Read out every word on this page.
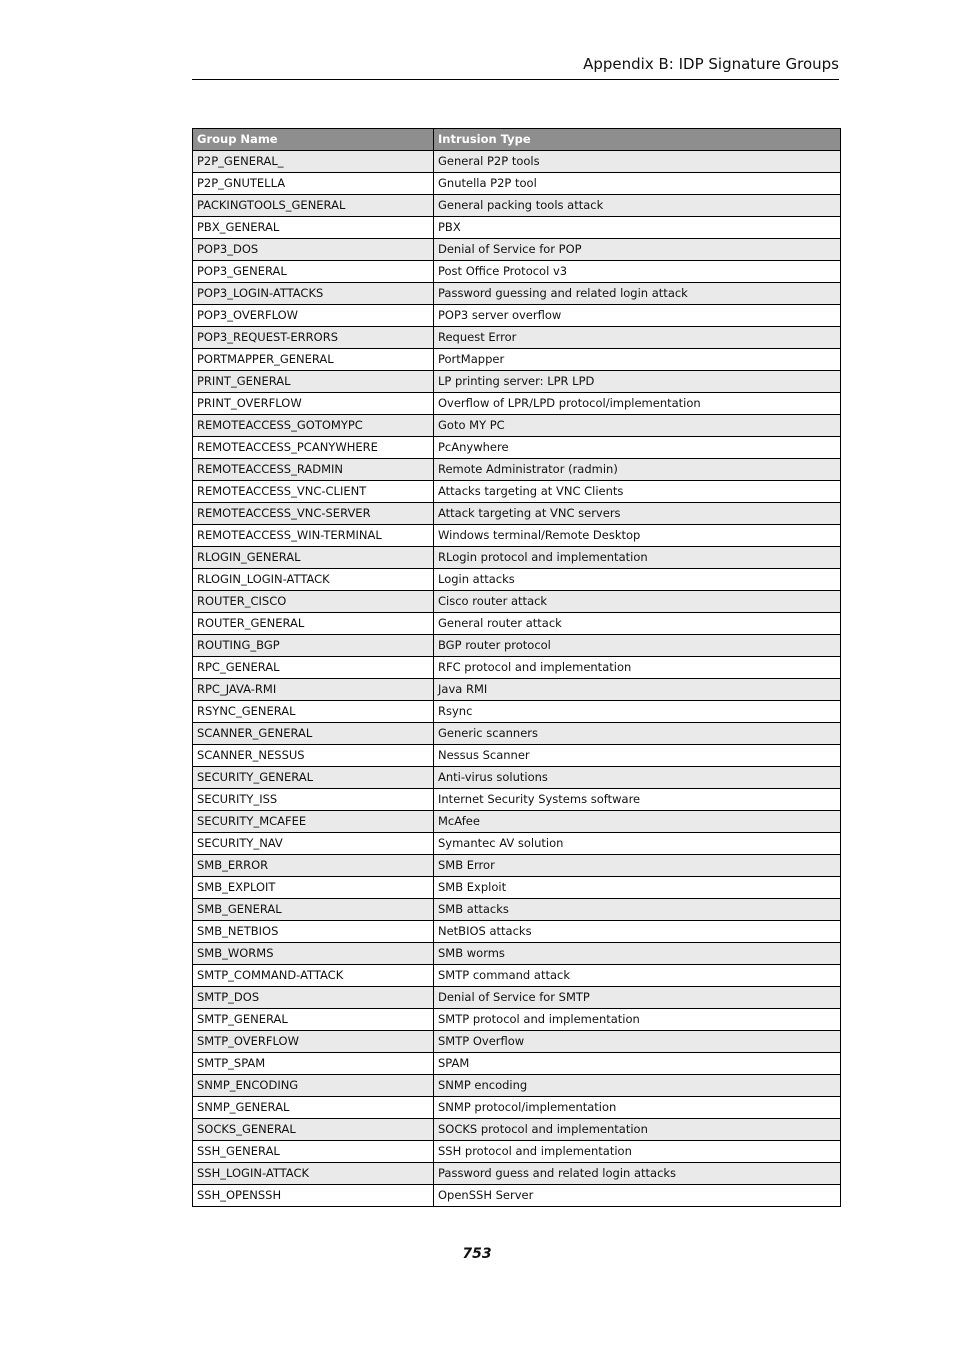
Appendix B: IDP Signature Groups
Group Name	Intrusion Type
P2P_GENERAL_	General P2P tools
P2P_GNUTELLA	Gnutella P2P tool
PACKINGTOOLS_GENERAL	General packing tools attack
PBX_GENERAL	PBX
POP3_DOS	Denial of Service for POP
POP3_GENERAL	Post Office Protocol v3
POP3_LOGIN-ATTACKS	Password guessing and related login attack
POP3_OVERFLOW	POP3 server overflow
POP3_REQUEST-ERRORS	Request Error
PORTMAPPER_GENERAL	PortMapper
PRINT_GENERAL	LP printing server: LPR LPD
PRINT_OVERFLOW	Overflow of LPR/LPD protocol/implementation
REMOTEACCESS_GOTOMYPC	Goto MY PC
REMOTEACCESS_PCANYWHERE	PcAnywhere
REMOTEACCESS_RADMIN	Remote Administrator (radmin)
REMOTEACCESS_VNC-CLIENT	Attacks targeting at VNC Clients
REMOTEACCESS_VNC-SERVER	Attack targeting at VNC servers
REMOTEACCESS_WIN-TERMINAL	Windows terminal/Remote Desktop
RLOGIN_GENERAL	RLogin protocol and implementation
RLOGIN_LOGIN-ATTACK	Login attacks
ROUTER_CISCO	Cisco router attack
ROUTER_GENERAL	General router attack
ROUTING_BGP	BGP router protocol
RPC_GENERAL	RFC protocol and implementation
RPC_JAVA-RMI	Java RMI
RSYNC_GENERAL	Rsync
SCANNER_GENERAL	Generic scanners
SCANNER_NESSUS	Nessus Scanner
SECURITY_GENERAL	Anti-virus solutions
SECURITY_ISS	Internet Security Systems software
SECURITY_MCAFEE	McAfee
SECURITY_NAV	Symantec AV solution
SMB_ERROR	SMB Error
SMB_EXPLOIT	SMB Exploit
SMB_GENERAL	SMB attacks
SMB_NETBIOS	NetBIOS attacks
SMB_WORMS	SMB worms
SMTP_COMMAND-ATTACK	SMTP command attack
SMTP_DOS	Denial of Service for SMTP
SMTP_GENERAL	SMTP protocol and implementation
SMTP_OVERFLOW	SMTP Overflow
SMTP_SPAM	SPAM
SNMP_ENCODING	SNMP encoding
SNMP_GENERAL	SNMP protocol/implementation
SOCKS_GENERAL	SOCKS protocol and implementation
SSH_GENERAL	SSH protocol and implementation
SSH_LOGIN-ATTACK	Password guess and related login attacks
SSH_OPENSSH	OpenSSH Server
753
